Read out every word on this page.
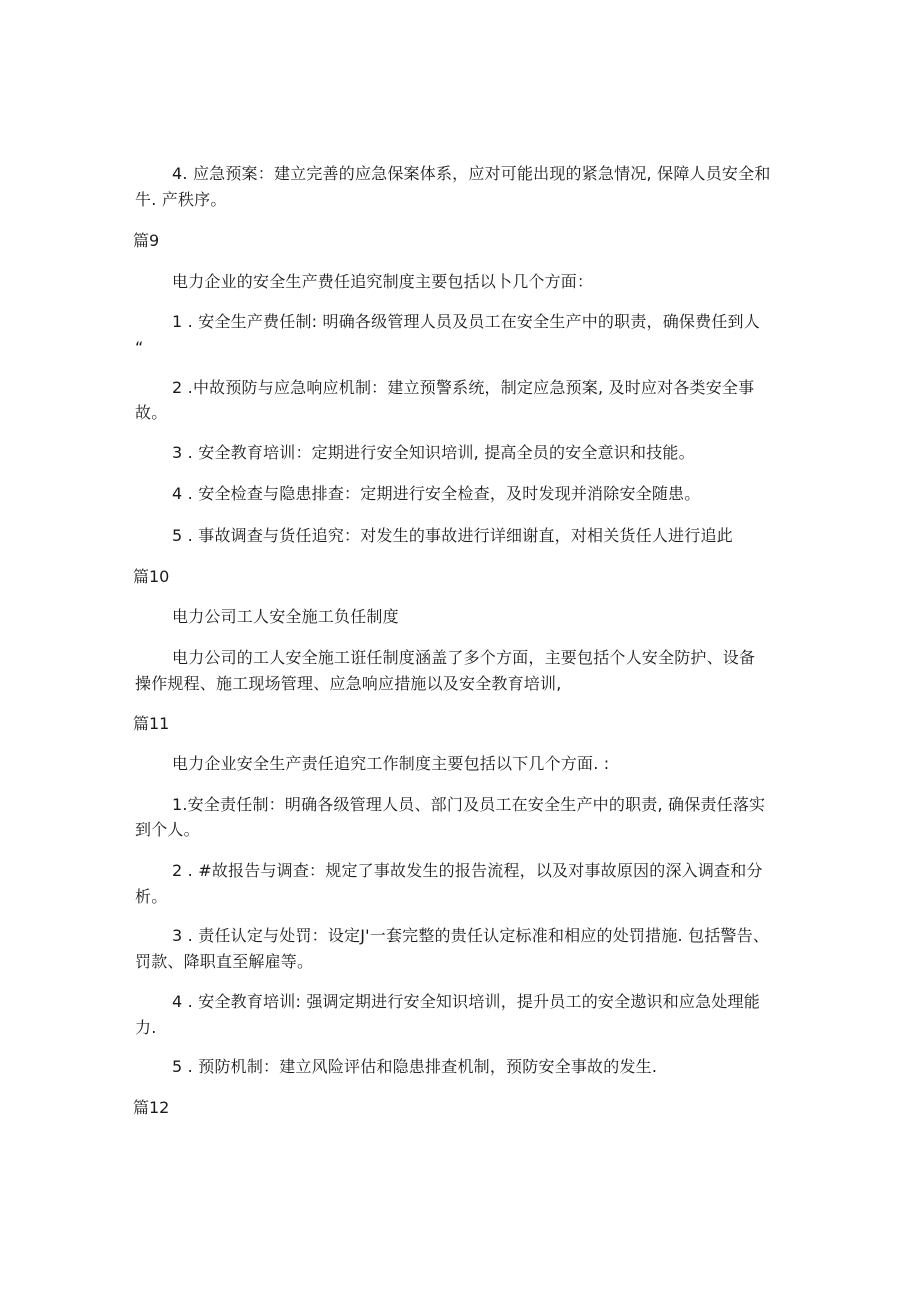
4. 应急预案：建立完善的应急保案体系，应对可能出现的紧急情况, 保障人员安全和
牛. 产秩序。
篇9
电力企业的安全生产费任追究制度主要包括以卜几个方面：
1 . 安全生产费任制: 明确各级管理人员及员工在安全生产中的职责，确保费任到人
“
2 .中故预防与应急响应机制：建立预警系统，制定应急预案, 及时应对各类安全事
故。
3 . 安全教育培训：定期进行安全知识培训, 提高全员的安全意识和技能。
4 . 安全检查与隐患排查：定期进行安全检查，及时发现并消除安全随患。
5 . 事故调查与货任追究：对发生的事故进行详细谢直，对相关货任人进行追此
篇10
电力公司工人安全施工负任制度
电力公司的工人安全施工诳任制度涵盖了多个方面，主要包括个人安全防护、设备
操作规程、施工现场管理、应急响应措施以及安全教育培训,
篇11
电力企业安全生产责任追究工作制度主要包括以下几个方面. :
1.安全责任制：明确各级管理人员、部门及员工在安全生产中的职责, 确保责任落实
到个人。
2 . #故报告与调查：规定了事故发生的报告流程，以及对事故原因的深入调查和分
析。
3 . 责任认定与处罚：设定J'一套完整的贵任认定标准和相应的处罚措施. 包括警告、
罚款、降职直至解雇等。
4 . 安全教育培训: 强调定期进行安全知识培训，提升员工的安全遨识和应急处理能
力.
5 . 预防机制：建立风险评估和隐患排查机制，预防安全事故的发生.
篇12
